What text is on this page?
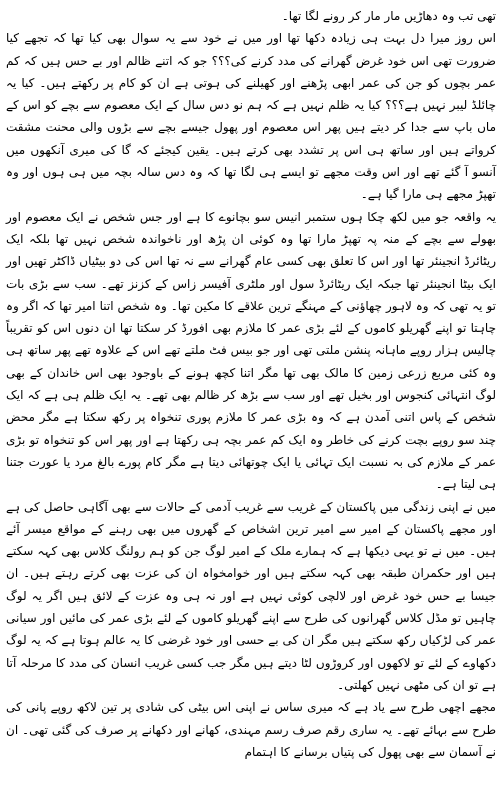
تھی تب وہ دھاڑیں مار مار کر رونے لگا تھا۔

اس روز میرا دل بہت ہی زیادہ دکھا تھا اور میں نے خود سے یہ سوال بھی کیا تھا کہ تجھے کیا ضرورت تھی اس خود غرض گھرانے کی مدد کرنے کی؟؟؟ جو کہ اتنے ظالم اور بے حس ہیں کہ کم عمر بچوں کو جن کی عمر ابھی پڑھنے اور کھیلنے کی ہوتی ہے ان کو کام پر رکھتے ہیں۔ کیا یہ چائلڈ لیبر نہیں ہے؟؟؟ کیا یہ ظلم نہیں ہے کہ ہم نو دس سال کے ایک معصوم سے بچے کو اس کے ماں باپ سے جدا کر دیتے ہیں پھر اس معصوم اور پھول جیسے بچے سے بڑوں والی محنت مشقت کرواتے ہیں اور ساتھ ہی اس پر تشدد بھی کرتے ہیں۔ یقین کیجئے کہ گا کی میری آنکھوں میں آنسو آ گئے تھے اور اس وقت مجھے تو ایسے ہی لگا تھا کہ وہ دس سالہ بچہ میں ہی ہوں اور وہ تھپڑ مجھے ہی مارا گیا ہے۔

یہ واقعہ جو میں لکھ چکا ہوں ستمبر انیس سو بچانوے کا ہے اور جس شخص نے ایک معصوم اور بھولے سے بچے کے منہ پہ تھپڑ مارا تھا وہ کوئی ان پڑھ اور ناخواندہ شخص نہیں تھا بلکہ ایک ریٹائرڈ انجینئر تھا اور اس کا تعلق بھی کسی عام گھرانے سے نہ تھا اس کی دو بیٹیاں ڈاکٹر تھیں اور ایک بیٹا انجینئر تھا جبکہ ایک ریٹائرڈ سول اور ملٹری آفیسر زاس کے کزنز تھے۔ سب سے بڑی بات تو یہ تھی کہ وہ لاہور چھاؤنی کے مہنگے ترین علاقے کا مکین تھا۔ وہ شخص اتنا امیر تھا کہ اگر وہ چاہتا تو اپنے گھریلو کاموں کے لئے بڑی عمر کا ملازم بھی افورڈ کر سکتا تھا ان دنوں اس کو تقریباً چالیس ہزار روپے ماہانہ پنشن ملتی تھی اور جو بیس فٹ ملتے تھے اس کے علاوہ تھے پھر ساتھ ہی وہ کئی مربع زرعی زمین کا مالک بھی تھا مگر اتنا کچھ ہونے کے باوجود بھی اس خاندان کے بھی لوگ انتہائی کنجوس اور بخیل تھے اور سب سے بڑھ کر ظالم بھی تھے۔ یہ ایک ظلم ہی ہے کہ ایک شخص کے پاس اتنی آمدن ہے کہ وہ بڑی عمر کا ملازم پوری تنخواہ پر رکھ سکتا ہے مگر محض چند سو روپے بچت کرنے کی خاطر وہ ایک کم عمر بچہ ہی رکھتا ہے اور پھر اس کو تنخواہ تو بڑی عمر کے ملازم کی بہ نسبت ایک تہائی یا ایک چوتھائی دیتا ہے مگر کام پورے بالغ مرد یا عورت جتنا ہی لیتا ہے۔

میں نے اپنی زندگی میں پاکستان کے غریب سے غریب آدمی کے حالات سے بھی آگاہی حاصل کی ہے اور مجھے پاکستان کے امیر سے امیر ترین اشخاص کے گھروں میں بھی رہنے کے مواقع میسر آئے ہیں۔ میں نے تو یہی دیکھا ہے کہ ہمارے ملک کے امیر لوگ جن کو ہم رولنگ کلاس بھی کہہ سکتے ہیں اور حکمران طبقہ بھی کہہ سکتے ہیں اور خوامخواہ ان کی عزت بھی کرتے رہتے ہیں۔ ان جیسا بے حس خود غرض اور لالچی کوئی نہیں ہے اور نہ ہی وہ عزت کے لائق ہیں اگر یہ لوگ چاہیں تو مڈل کلاس گھرانوں کی طرح سے اپنے گھریلو کاموں کے لئے بڑی عمر کی مائیں اور سیانی عمر کی لڑکیاں رکھ سکتے ہیں مگر ان کی بے حسی اور خود غرضی کا یہ عالم ہوتا ہے کہ یہ لوگ دکھاوے کے لئے تو لاکھوں اور کروڑوں لٹا دیتے ہیں مگر جب کسی غریب انسان کی مدد کا مرحلہ آتا ہے تو ان کی مٹھی نہیں کھلتی۔

مجھے اچھی طرح سے یاد ہے کہ میری ساس نے اپنی اس بیٹی کی شادی پر تین لاکھ روپے پانی کی طرح سے بہائے تھے۔ یہ ساری رقم صرف رسم مہندی، کھانے اور دکھانے پر صرف کی گئی تھی۔ ان نے آسمان سے بھی پھول کی پتیاں برسانے کا اہتمام
